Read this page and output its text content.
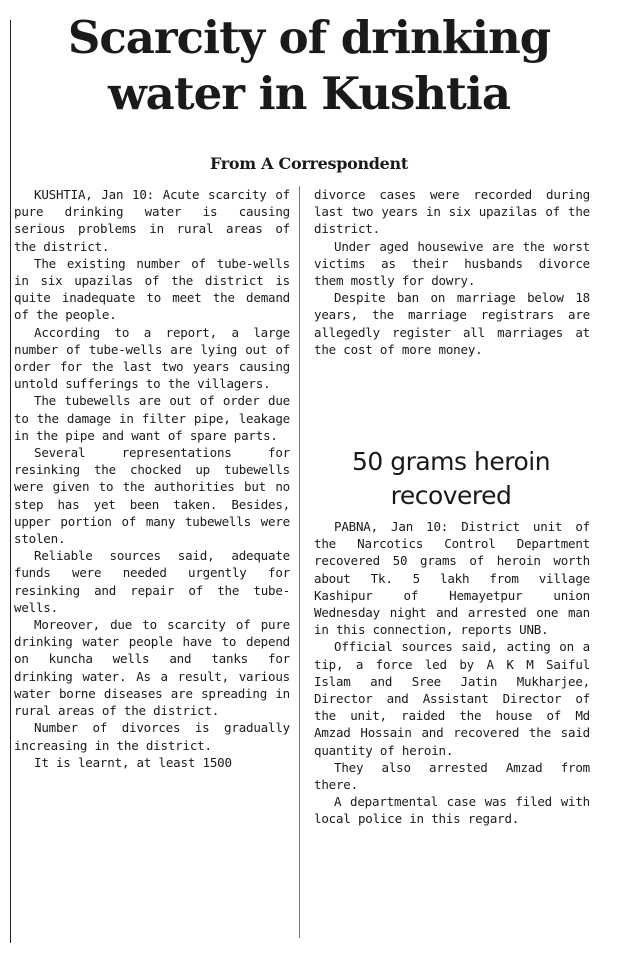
Scarcity of drinking water in Kushtia
From A Correspondent

KUSHTIA, Jan 10: Acute scarcity of pure drinking water is causing serious problems in rural areas of the district.

The existing number of tube-wells in six upazilas of the district is quite inadequate to meet the demand of the people.

According to a report, a large number of tube-wells are lying out of order for the last two years causing untold sufferings to the villagers.

The tubewells are out of order due to the damage in filter pipe, leakage in the pipe and want of spare parts.

Several representations for resinking the chocked up tubewells were given to the authorities but no step has yet been taken. Besides, upper portion of many tubewells were stolen.

Reliable sources said, adequate funds were needed urgently for resinking and repair of the tube-wells.

Moreover, due to scarcity of pure drinking water people have to depend on kuncha wells and tanks for drinking water. As a result, various water borne diseases are spreading in rural areas of the district.

Number of divorces is gradually increasing in the district.

It is learnt, at least 1500

divorce cases were recorded during last two years in six upazilas of the district.

Under aged housewive are the worst victims as their husbands divorce them mostly for dowry.

Despite ban on marriage below 18 years, the marriage registrars are allegedly register all marriages at the cost of more money.

50 grams heroin recovered

PABNA, Jan 10: District unit of the Narcotics Control Department recovered 50 grams of heroin worth about Tk. 5 lakh from village Kashipur of Hemayetpur union Wednesday night and arrested one man in this connection, reports UNB.

Official sources said, acting on a tip, a force led by A K M Saiful Islam and Sree Jatin Mukharjee, Director and Assistant Director of the unit, raided the house of Md Amzad Hossain and recovered the said quantity of heroin.

They also arrested Amzad from there.

A departmental case was filed with local police in this regard.
